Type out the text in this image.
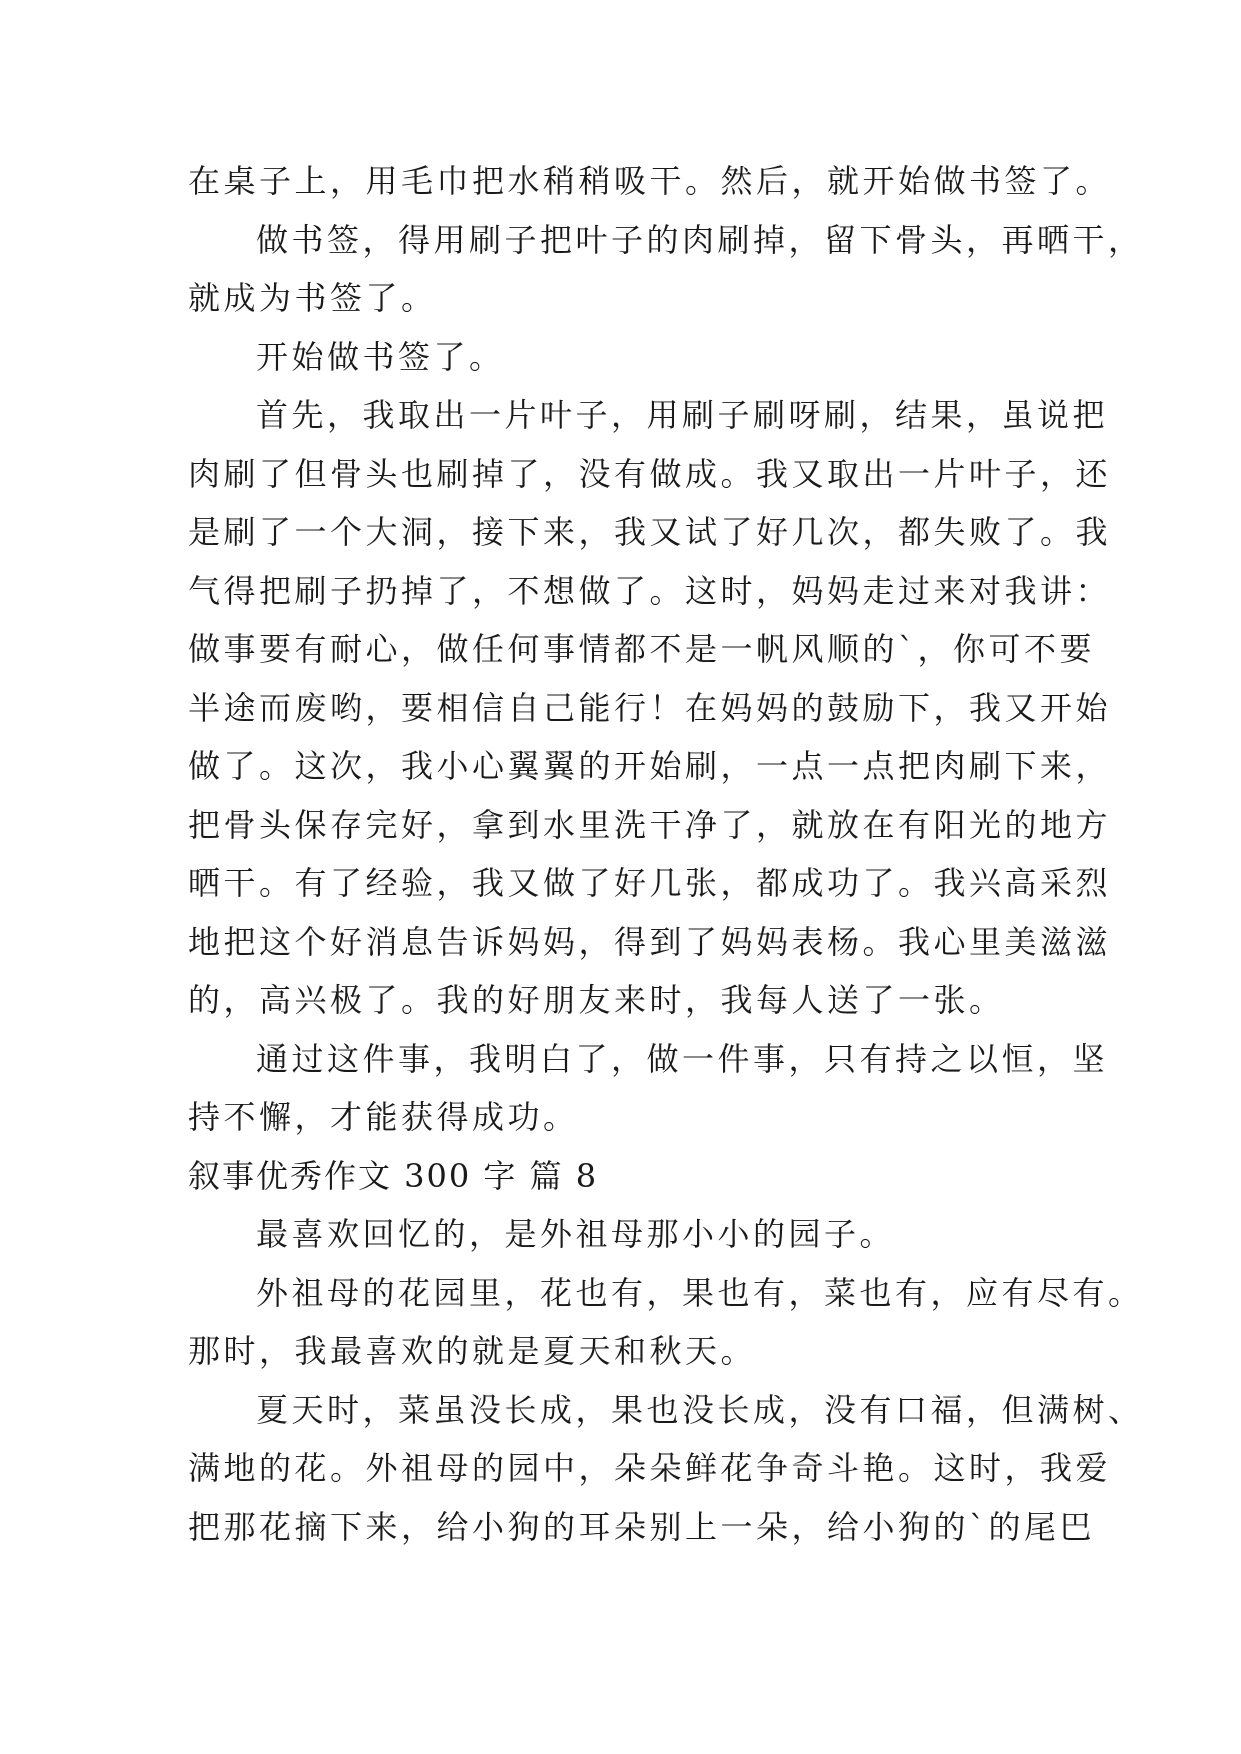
在桌子上，用毛巾把水稍稍吸干。然后，就开始做书签了。
做书签，得用刷子把叶子的肉刷掉，留下骨头，再晒干，
就成为书签了。
开始做书签了。
首先，我取出一片叶子，用刷子刷呀刷，结果，虽说把
肉刷了但骨头也刷掉了，没有做成。我又取出一片叶子，还
是刷了一个大洞，接下来，我又试了好几次，都失败了。我
气得把刷子扔掉了，不想做了。这时，妈妈走过来对我讲：
做事要有耐心，做任何事情都不是一帆风顺的`，你可不要
半途而废哟，要相信自己能行！在妈妈的鼓励下，我又开始
做了。这次，我小心翼翼的开始刷，一点一点把肉刷下来，
把骨头保存完好，拿到水里洗干净了，就放在有阳光的地方
晒干。有了经验，我又做了好几张，都成功了。我兴高采烈
地把这个好消息告诉妈妈，得到了妈妈表杨。我心里美滋滋
的，高兴极了。我的好朋友来时，我每人送了一张。
通过这件事，我明白了，做一件事，只有持之以恒，坚
持不懈，才能获得成功。
叙事优秀作文 300 字 篇 8
最喜欢回忆的，是外祖母那小小的园子。
外祖母的花园里，花也有，果也有，菜也有，应有尽有。
那时，我最喜欢的就是夏天和秋天。
夏天时，菜虽没长成，果也没长成，没有口福，但满树、
满地的花。外祖母的园中，朵朵鲜花争奇斗艳。这时，我爱
把那花摘下来，给小狗的耳朵别上一朵，给小狗的`的尾巴
